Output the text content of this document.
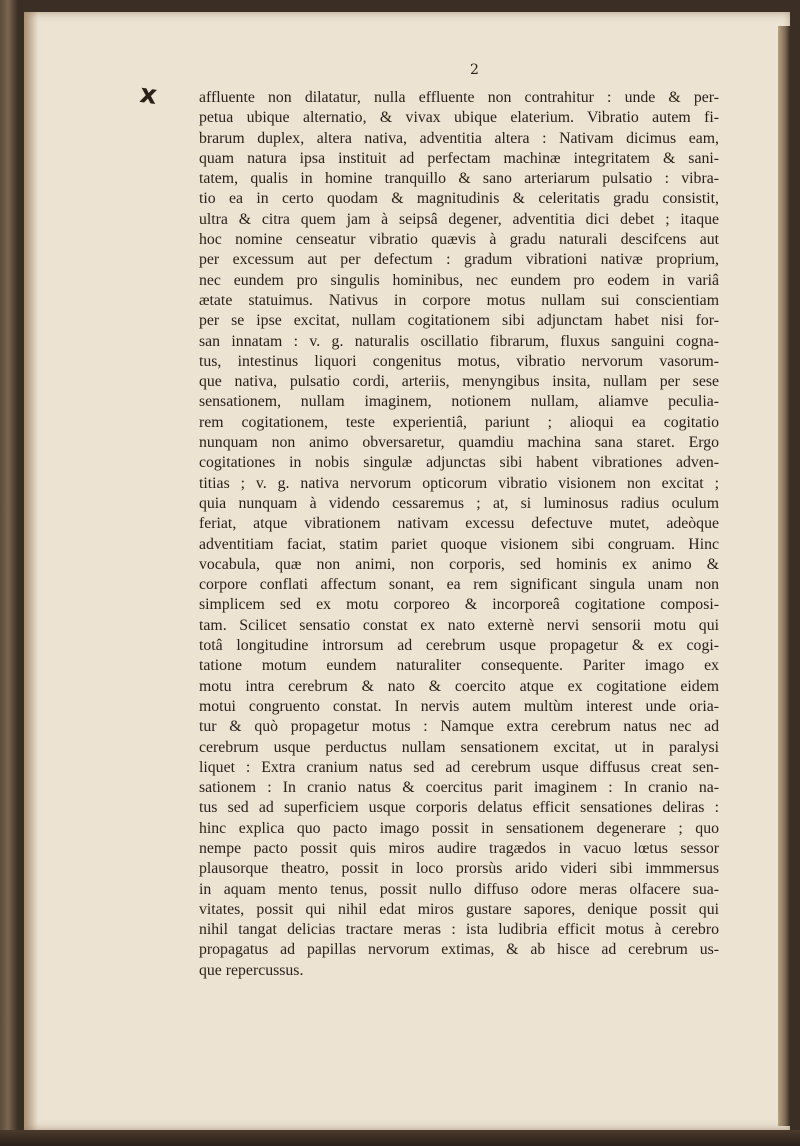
x
2
affluente non dilatatur, nulla effluente non contrahitur : unde & per-
petua ubique alternatio, & vivax ubique elaterium. Vibratio autem fi-
brarum duplex, altera nativa, adventitia altera : Nativam dicimus eam,
quam natura ipsa instituit ad perfectam machinæ integritatem & sani-
tatem, qualis in homine tranquillo & sano arteriarum pulsatio : vibra-
tio ea in certo quodam & magnitudinis & celeritatis gradu consistit,
ultra & citra quem jam à seipsâ degener, adventitia dici debet ; itaque
hoc nomine censeatur vibratio quævis à gradu naturali descifcens aut
per excessum aut per defectum : gradum vibrationi nativæ proprium,
nec eundem pro singulis hominibus, nec eundem pro eodem in variâ
ætate statuimus. Nativus in corpore motus nullam sui conscientiam
per se ipse excitat, nullam cogitationem sibi adjunctam habet nisi for-
san innatam : v. g. naturalis oscillatio fibrarum, fluxus sanguini cogna-
tus, intestinus liquori congenitus motus, vibratio nervorum vasorum-
que nativa, pulsatio cordi, arteriis, menyngibus insita, nullam per sese
sensationem, nullam imaginem, notionem nullam, aliamve peculia-
rem cogitationem, teste experientiâ, pariunt ; alioqui ea cogitatio
nunquam non animo obversaretur, quamdiu machina sana staret. Ergo
cogitationes in nobis singulæ adjunctas sibi habent vibrationes adven-
titias ; v. g. nativa nervorum opticorum vibratio visionem non excitat ;
quia nunquam à videndo cessaremus ; at, si luminosus radius oculum
feriat, atque vibrationem nativam excessu defectuve mutet, adeòque
adventitiam faciat, statim pariet quoque visionem sibi congruam. Hinc
vocabula, quæ non animi, non corporis, sed hominis ex animo &
corpore conflati affectum sonant, ea rem significant singula unam non
simplicem sed ex motu corporeo & incorporeâ cogitatione composi-
tam. Scilicet sensatio constat ex nato externè nervi sensorii motu qui
totâ longitudine introrsum ad cerebrum usque propagetur & ex cogi-
tatione motum eundem naturaliter consequente. Pariter imago ex
motu intra cerebrum & nato & coercito atque ex cogitatione eidem
motui congruento constat. In nervis autem multùm interest unde oria-
tur & quò propagetur motus : Namque extra cerebrum natus nec ad
cerebrum usque perductus nullam sensationem excitat, ut in paralysi
liquet : Extra cranium natus sed ad cerebrum usque diffusus creat sen-
sationem : In cranio natus & coercitus parit imaginem : In cranio na-
tus sed ad superficiem usque corporis delatus efficit sensationes deliras :
hinc explica quo pacto imago possit in sensationem degenerare ; quo
nempe pacto possit quis miros audire tragædos in vacuo lœtus sessor
plausorque theatro, possit in loco prorsùs arido videri sibi immmersus
in aquam mento tenus, possit nullo diffuso odore meras olfacere sua-
vitates, possit qui nihil edat miros gustare sapores, denique possit qui
nihil tangat delicias tractare meras : ista ludibria efficit motus à cerebro
propagatus ad papillas nervorum extimas, & ab hisce ad cerebrum us-
que repercussus.
